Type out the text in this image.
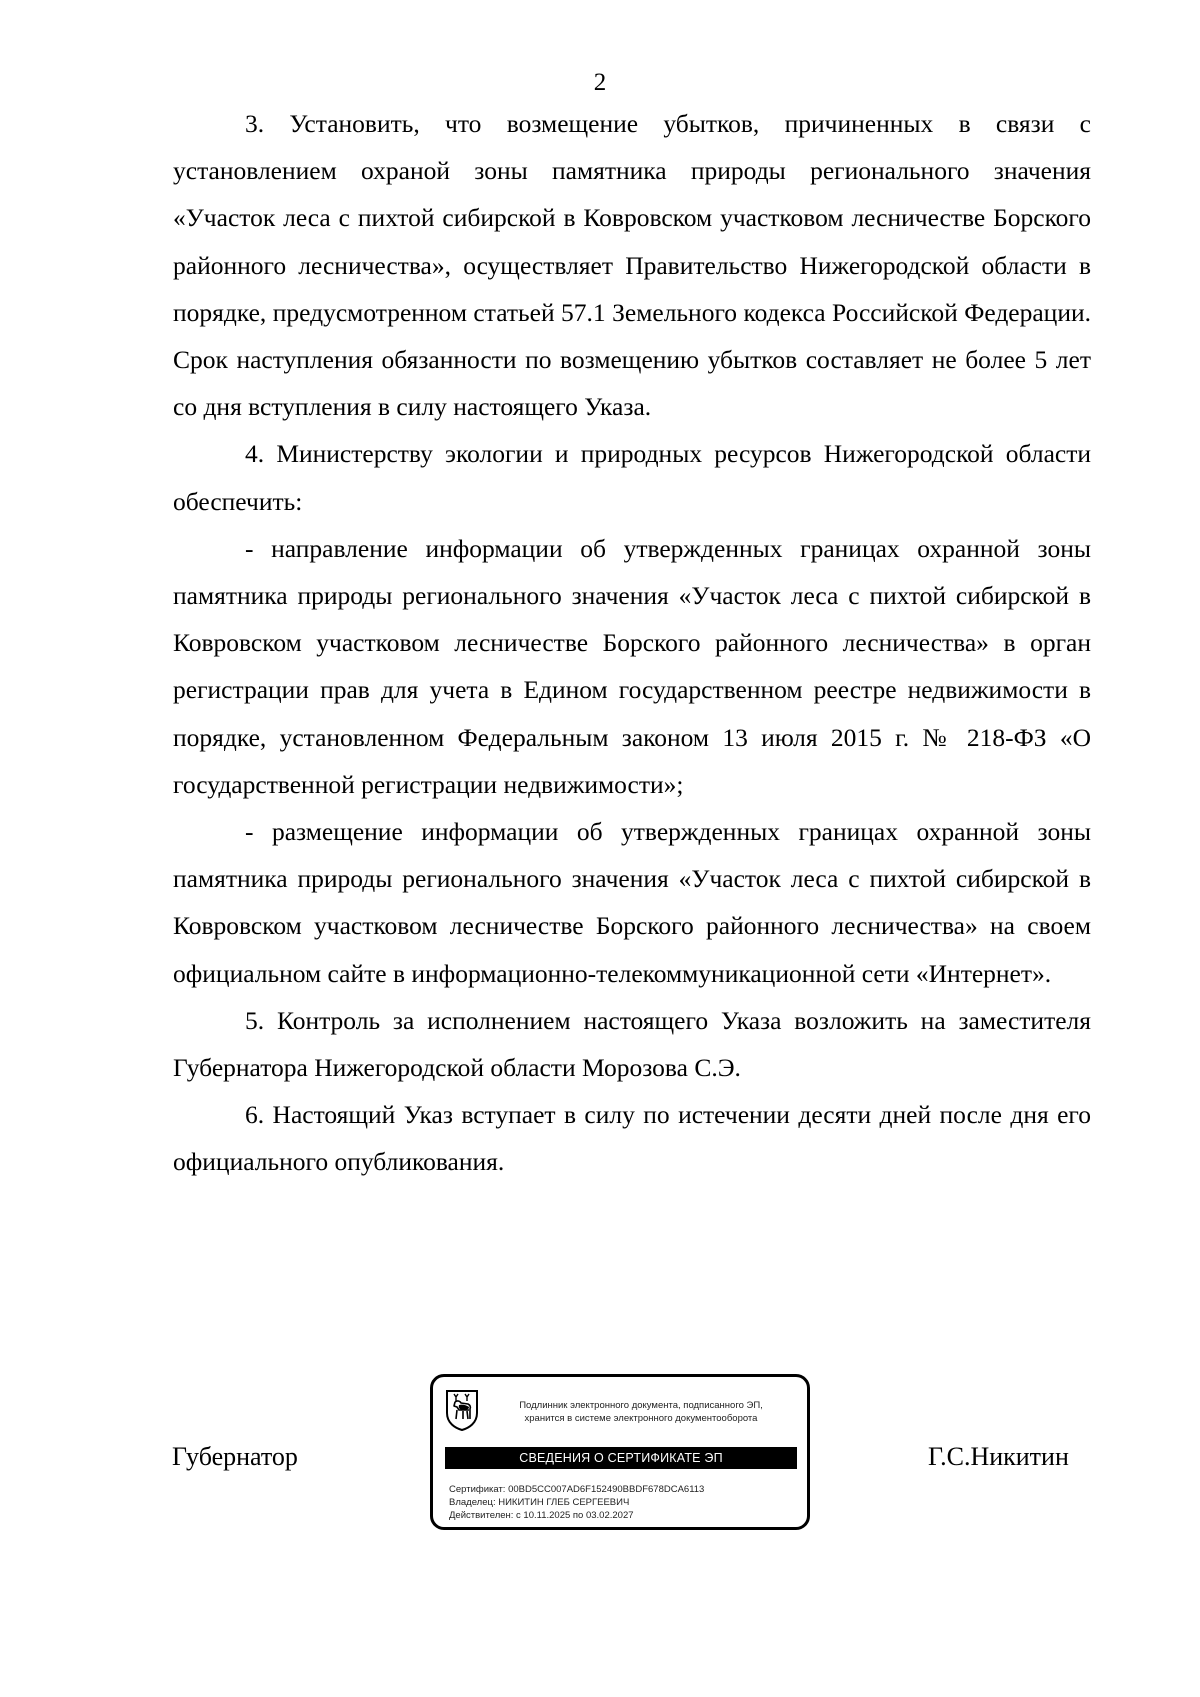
2

3. Установить, что возмещение убытков, причиненных в связи с установлением охраной зоны памятника природы регионального значения «Участок леса с пихтой сибирской в Ковровском участковом лесничестве Борского районного лесничества», осуществляет Правительство Нижегородской области в порядке, предусмотренном статьей 57.1 Земельного кодекса Российской Федерации. Срок наступления обязанности по возмещению убытков составляет не более 5 лет со дня вступления в силу настоящего Указа.

4. Министерству экологии и природных ресурсов Нижегородской области обеспечить:

- направление информации об утвержденных границах охранной зоны памятника природы регионального значения «Участок леса с пихтой сибирской в Ковровском участковом лесничестве Борского районного лесничества» в орган регистрации прав для учета в Едином государственном реестре недвижимости в порядке, установленном Федеральным законом 13 июля 2015 г. № 218-ФЗ «О государственной регистрации недвижимости»;

- размещение информации об утвержденных границах охранной зоны памятника природы регионального значения «Участок леса с пихтой сибирской в Ковровском участковом лесничестве Борского районного лесничества» на своем официальном сайте в информационно-телекоммуникационной сети «Интернет».

5. Контроль за исполнением настоящего Указа возложить на заместителя Губернатора Нижегородской области Морозова С.Э.

6. Настоящий Указ вступает в силу по истечении десяти дней после дня его официального опубликования.

Губернатор
Подлинник электронного документа, подписанного ЭП,
хранится в системе электронного документооборота
СВЕДЕНИЯ О СЕРТИФИКАТЕ ЭП
Сертификат: 00BD5CC007AD6F152490BBDF678DCA6113
Владелец: НИКИТИН ГЛЕБ СЕРГЕЕВИЧ
Действителен: с 10.11.2025 по 03.02.2027
Г.С.Никитин
